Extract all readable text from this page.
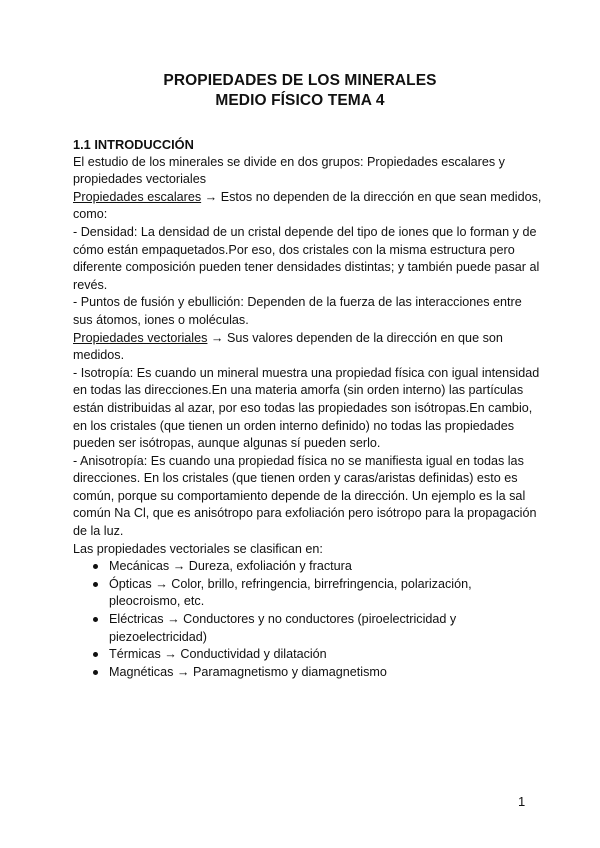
PROPIEDADES DE LOS MINERALES
MEDIO FÍSICO TEMA 4

1.1 INTRODUCCIÓN

El estudio de los minerales se divide en dos grupos: Propiedades escalares y propiedades vectoriales

Propiedades escalares → Estos no dependen de la dirección en que sean medidos, como:

- Densidad: La densidad de un cristal depende del tipo de iones que lo forman y de cómo están empaquetados.Por eso, dos cristales con la misma estructura pero diferente composición pueden tener densidades distintas; y también puede pasar al revés.

- Puntos de fusión y ebullición: Dependen de la fuerza de las interacciones entre sus átomos, iones o moléculas.

Propiedades vectoriales → Sus valores dependen de la dirección en que son medidos.

- Isotropía: Es cuando un mineral muestra una propiedad física con igual intensidad en todas las direcciones.En una materia amorfa (sin orden interno) las partículas están distribuidas al azar, por eso todas las propiedades son isótropas.En cambio, en los cristales (que tienen un orden interno definido) no todas las propiedades pueden ser isótropas, aunque algunas sí pueden serlo.

- Anisotropía: Es cuando una propiedad física no se manifiesta igual en todas las direcciones. En los cristales (que tienen orden y caras/aristas definidas) esto es común, porque su comportamiento depende de la dirección. Un ejemplo es la sal común Na Cl, que es anisótropo para exfoliación pero isótropo para la propagación de la luz.

Las propiedades vectoriales se clasifican en:

Mecánicas → Dureza, exfoliación y fractura
Ópticas → Color, brillo, refringencia, birrefringencia, polarización, pleocroismo, etc.
Eléctricas → Conductores y no conductores (piroelectricidad y piezoelectricidad)
Térmicas → Conductividad y dilatación
Magnéticas → Paramagnetismo y diamagnetismo
1
